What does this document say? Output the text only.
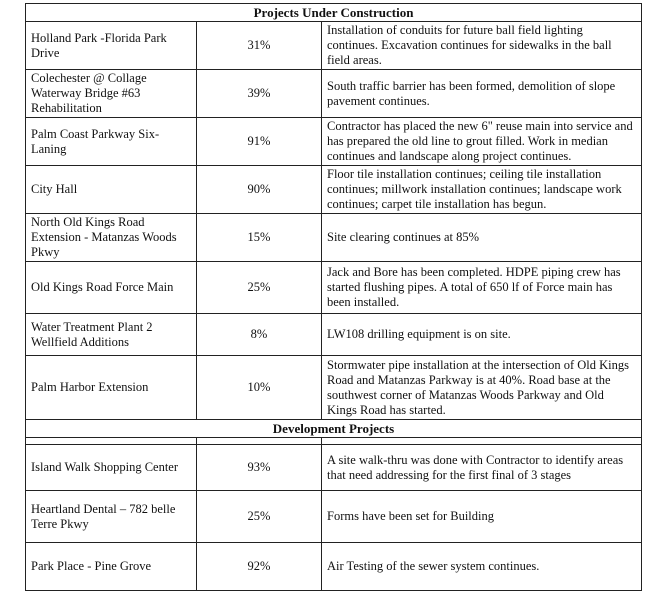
Projects Under Construction		
Holland Park -Florida Park Drive	31%	Installation of conduits for future ball field lighting continues. Excavation continues for sidewalks in the ball field areas.
Colechester @ Collage Waterway Bridge #63 Rehabilitation	39%	South traffic barrier has been formed, demolition of slope pavement continues.
Palm Coast Parkway Six-Laning	91%	Contractor has placed the new 6" reuse main into service and has prepared the old line to grout filled. Work in median continues and landscape along project continues.
City Hall	90%	Floor tile installation continues; ceiling tile installation continues; millwork installation continues; landscape work continues; carpet tile installation has begun.
North Old Kings Road Extension - Matanzas Woods Pkwy	15%	Site clearing continues at 85%
Old Kings Road Force Main	25%	Jack and Bore has been completed. HDPE piping crew has started flushing pipes. A total of 650 lf of Force main has been installed.
Water Treatment Plant 2 Wellfield Additions	8%	LW108 drilling equipment is on site.
Palm Harbor Extension	10%	Stormwater pipe installation at the intersection of Old Kings Road and Matanzas Parkway is at 40%. Road base at the southwest corner of Matanzas Woods Parkway and Old Kings Road has started.
Development Projects		

Island Walk Shopping Center	93%	A site walk-thru was done with Contractor to identify areas that need addressing for the first final of 3 stages
Heartland Dental – 782 belle Terre Pkwy	25%	Forms have been set for Building
Park Place - Pine Grove	92%	Air Testing of the sewer system continues.
